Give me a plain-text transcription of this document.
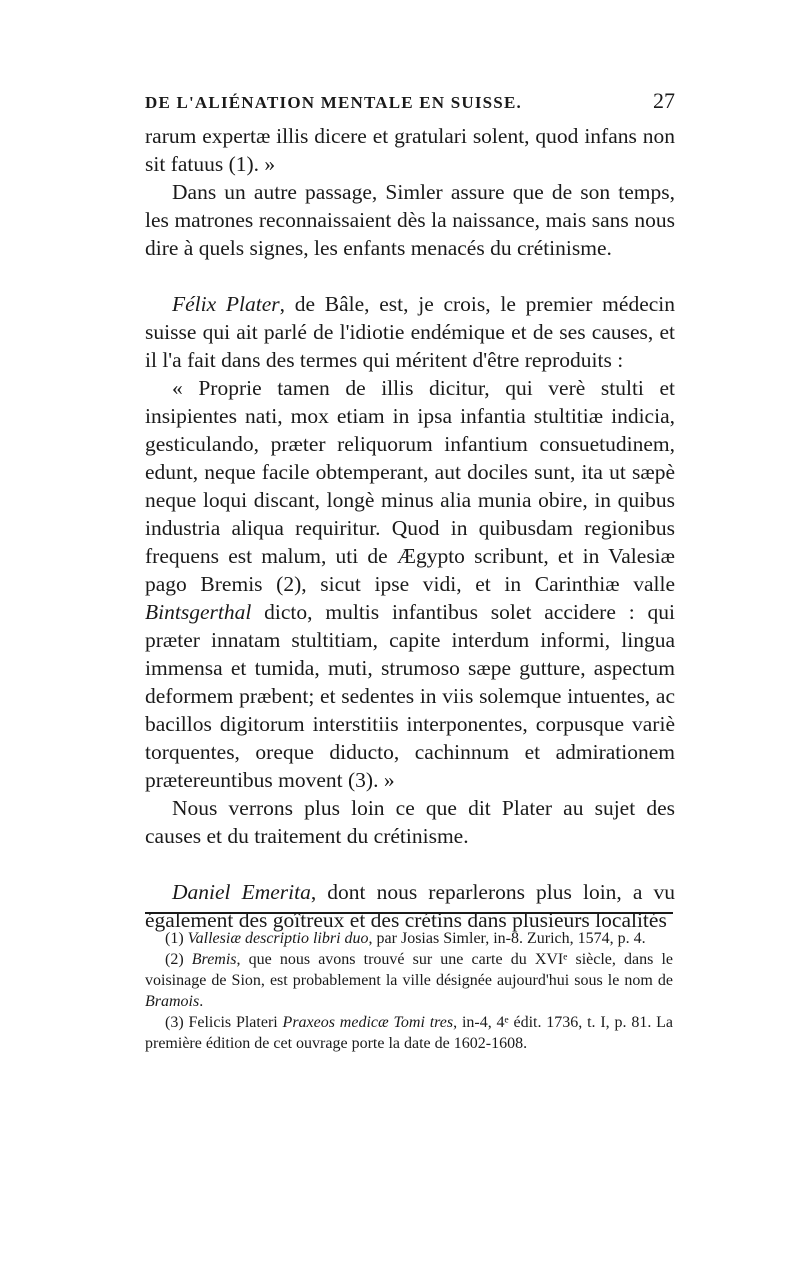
DE L'ALIÉNATION MENTALE EN SUISSE.	27

rarum expertæ illis dicere et gratulari solent, quod infans non sit fatuus (1). »

Dans un autre passage, Simler assure que de son temps, les matrones reconnaissaient dès la naissance, mais sans nous dire à quels signes, les enfants menacés du crétinisme.

Félix Plater, de Bâle, est, je crois, le premier médecin suisse qui ait parlé de l'idiotie endémique et de ses causes, et il l'a fait dans des termes qui méritent d'être reproduits :

« Proprie tamen de illis dicitur, qui verè stulti et insipientes nati, mox etiam in ipsa infantia stultitiæ indicia, gesticulando, præter reliquorum infantium consuetudinem, edunt, neque facile obtemperant, aut dociles sunt, ita ut sæpè neque loqui discant, longè minus alia munia obire, in quibus industria aliqua requiritur. Quod in quibusdam regionibus frequens est malum, uti de Ægypto scribunt, et in Valesiæ pago Bremis (2), sicut ipse vidi, et in Carinthiæ valle Bintsgerthal dicto, multis infantibus solet accidere : qui præter innatam stultitiam, capite interdum informi, lingua immensa et tumida, muti, strumoso sæpe gutture, aspectum deformem præbent; et sedentes in viis solemque intuentes, ac bacillos digitorum interstitiis interponentes, corpusque variè torquentes, oreque diducto, cachinnum et admirationem prætereuntibus movent (3). »

Nous verrons plus loin ce que dit Plater au sujet des causes et du traitement du crétinisme.

Daniel Emerita, dont nous reparlerons plus loin, a vu également des goîtreux et des crétins dans plusieurs localités

(1) Vallesiæ descriptio libri duo, par Josias Simler, in-8. Zurich, 1574, p. 4.

(2) Bremis, que nous avons trouvé sur une carte du XVIᵉ siècle, dans le voisinage de Sion, est probablement la ville désignée aujourd'hui sous le nom de Bramois.

(3) Felicis Plateri Praxeos medicæ Tomi tres, in-4, 4ᵉ édit. 1736, t. I, p. 81. La première édition de cet ouvrage porte la date de 1602-1608.
